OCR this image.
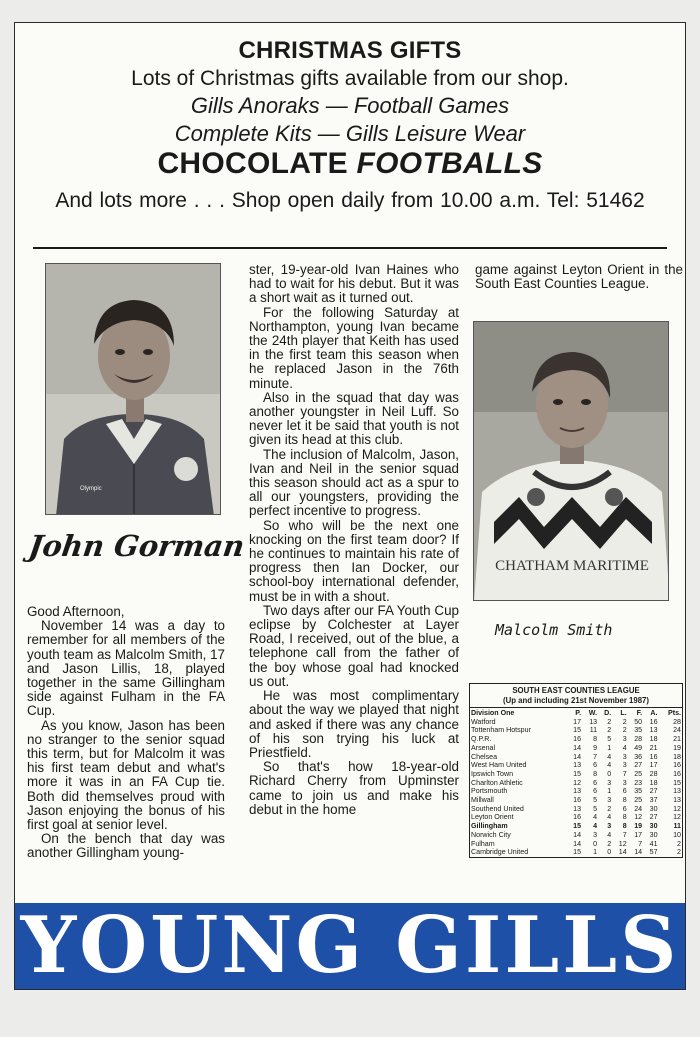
CHRISTMAS GIFTS
Lots of Christmas gifts available from our shop.
Gills Anoraks — Football Games
Complete Kits — Gills Leisure Wear
CHOCOLATE FOOTBALLS
And lots more . . . Shop open daily from 10.00 a.m. Tel: 51462
Olympic
John Gorman

Good Afternoon,

November 14 was a day to remember for all members of the youth team as Malcolm Smith, 17 and Jason Lillis, 18, played together in the same Gillingham side against Fulham in the FA Cup.

As you know, Jason has been no stranger to the senior squad this term, but for Malcolm it was his first team debut and what's more it was in an FA Cup tie. Both did themselves proud with Jason enjoying the bonus of his first goal at senior level.

On the bench that day was another Gillingham young-

ster, 19-year-old Ivan Haines who had to wait for his debut. But it was a short wait as it turned out.

For the following Saturday at Northampton, young Ivan became the 24th player that Keith has used in the first team this season when he replaced Jason in the 76th minute.

Also in the squad that day was another youngster in Neil Luff. So never let it be said that youth is not given its head at this club.

The inclusion of Malcolm, Jason, Ivan and Neil in the senior squad this season should act as a spur to all our youngsters, providing the perfect incentive to progress.

So who will be the next one knocking on the first team door? If he continues to maintain his rate of progress then Ian Docker, our school-boy international defender, must be in with a shout.

Two days after our FA Youth Cup eclipse by Colchester at Layer Road, I received, out of the blue, a telephone call from the father of the boy whose goal had knocked us out.

He was most complimentary about the way we played that night and asked if there was any chance of his son trying his luck at Priestfield.

So that's how 18-year-old Richard Cherry from Upminster came to join us and make his debut in the home

game against Leyton Orient in the South East Counties League.

CHATHAM MARITIME
Malcolm Smith
SOUTH EAST COUNTIES LEAGUE
(Up and including 21st November 1987)
Division One	P.	W.	D.	L.	F.	A.	Pts.
Watford	17	13	2	2	50	16	28
Tottenham Hotspur	15	11	2	2	35	13	24
Q.P.R.	16	8	5	3	28	18	21
Arsenal	14	9	1	4	49	21	19
Chelsea	14	7	4	3	36	16	18
West Ham United	13	6	4	3	27	17	16
Ipswich Town	15	8	0	7	25	28	16
Charlton Athletic	12	6	3	3	23	18	15
Portsmouth	13	6	1	6	35	27	13
Millwall	16	5	3	8	25	37	13
Southend United	13	5	2	6	24	30	12
Leyton Orient	16	4	4	8	12	27	12
Gillingham	15	4	3	8	19	30	11
Norwich City	14	3	4	7	17	30	10
Fulham	14	0	2	12	7	41	2
Cambridge United	15	1	0	14	14	57	2
YOUNG GILLS
